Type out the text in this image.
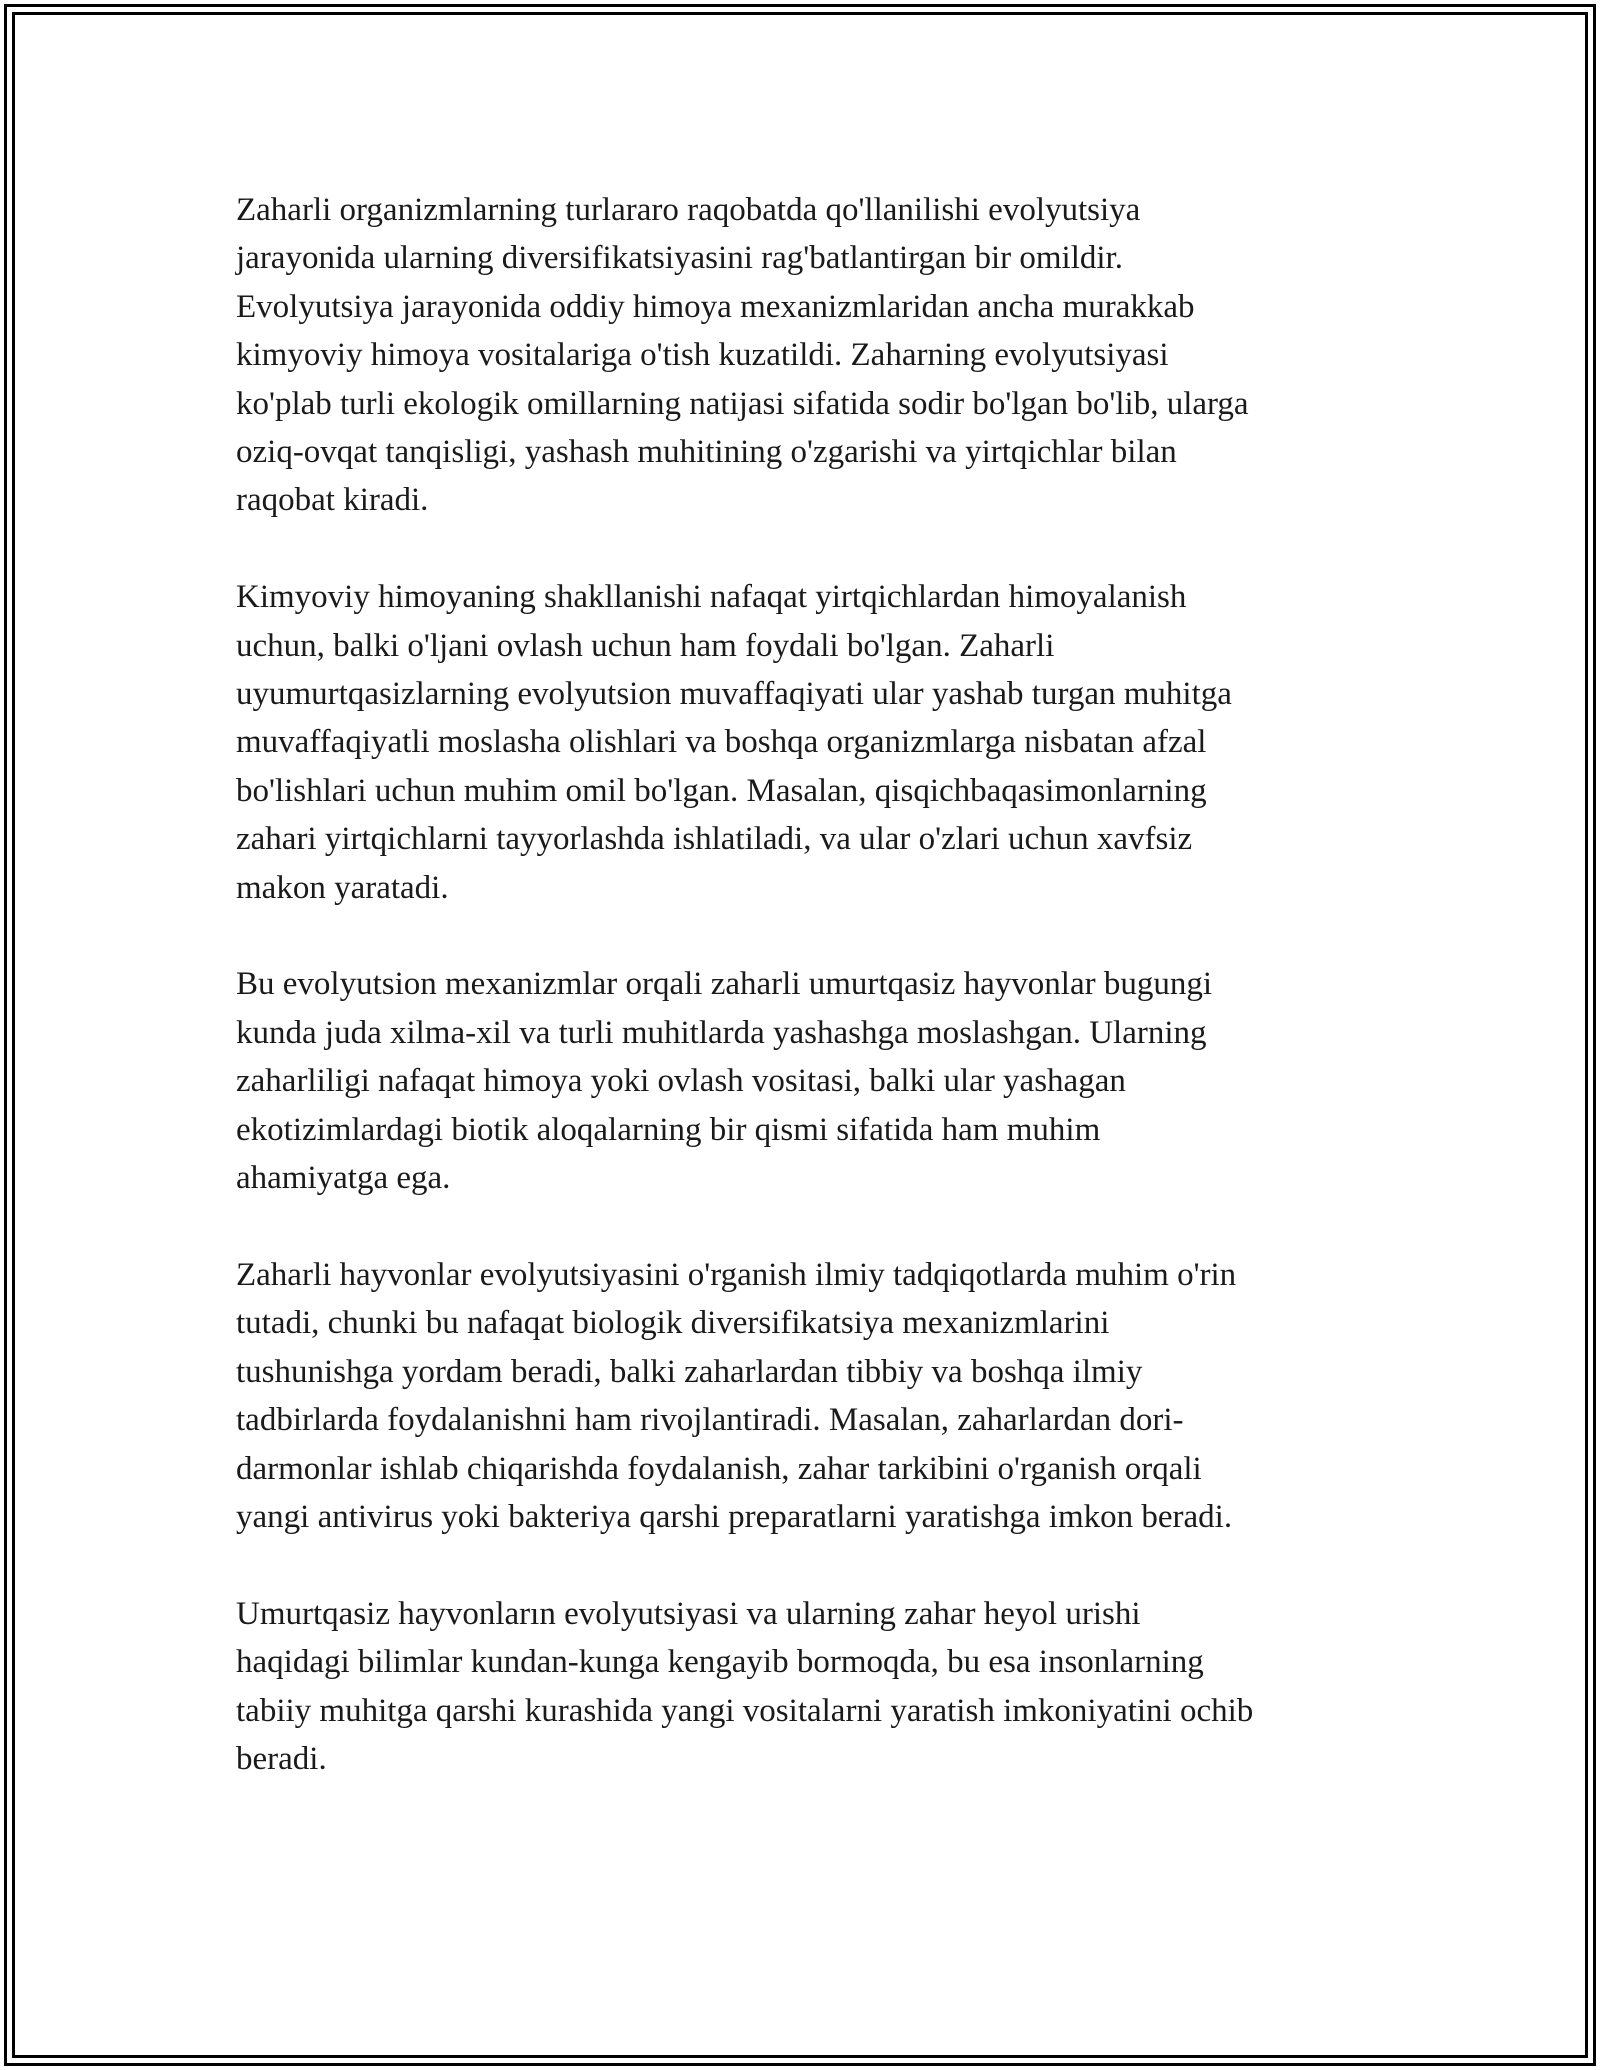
Zaharli organizmlarning turlararo raqobatda qo'llanilishi evolyutsiya
jarayonida ularning diversifikatsiyasini rag'batlantirgan bir omildir.
Evolyutsiya jarayonida oddiy himoya mexanizmlaridan ancha murakkab
kimyoviy himoya vositalariga o'tish kuzatildi. Zaharning evolyutsiyasi
ko'plab turli ekologik omillarning natijasi sifatida sodir bo'lgan bo'lib, ularga
oziq-ovqat tanqisligi, yashash muhitining o'zgarishi va yirtqichlar bilan
raqobat kiradi.

Kimyoviy himoyaning shakllanishi nafaqat yirtqichlardan himoyalanish
uchun, balki o'ljani ovlash uchun ham foydali bo'lgan. Zaharli
uyumurtqasizlarning evolyutsion muvaffaqiyati ular yashab turgan muhitga
muvaffaqiyatli moslasha olishlari va boshqa organizmlarga nisbatan afzal
bo'lishlari uchun muhim omil bo'lgan. Masalan, qisqichbaqasimonlarning
zahari yirtqichlarni tayyorlashda ishlatiladi, va ular o'zlari uchun xavfsiz
makon yaratadi.

Bu evolyutsion mexanizmlar orqali zaharli umurtqasiz hayvonlar bugungi
kunda juda xilma-xil va turli muhitlarda yashashga moslashgan. Ularning
zaharliligi nafaqat himoya yoki ovlash vositasi, balki ular yashagan
ekotizimlardagi biotik aloqalarning bir qismi sifatida ham muhim
ahamiyatga ega.

Zaharli hayvonlar evolyutsiyasini o'rganish ilmiy tadqiqotlarda muhim o'rin
tutadi, chunki bu nafaqat biologik diversifikatsiya mexanizmlarini
tushunishga yordam beradi, balki zaharlardan tibbiy va boshqa ilmiy
tadbirlarda foydalanishni ham rivojlantiradi. Masalan, zaharlardan dori-
darmonlar ishlab chiqarishda foydalanish, zahar tarkibini o'rganish orqali
yangi antivirus yoki bakteriya qarshi preparatlarni yaratishga imkon beradi.

Umurtqasiz hayvonların evolyutsiyasi va ularning zahar heyol urishi
haqidagi bilimlar kundan-kunga kengayib bormoqda, bu esa insonlarning
tabiiy muhitga qarshi kurashida yangi vositalarni yaratish imkoniyatini ochib
beradi.
